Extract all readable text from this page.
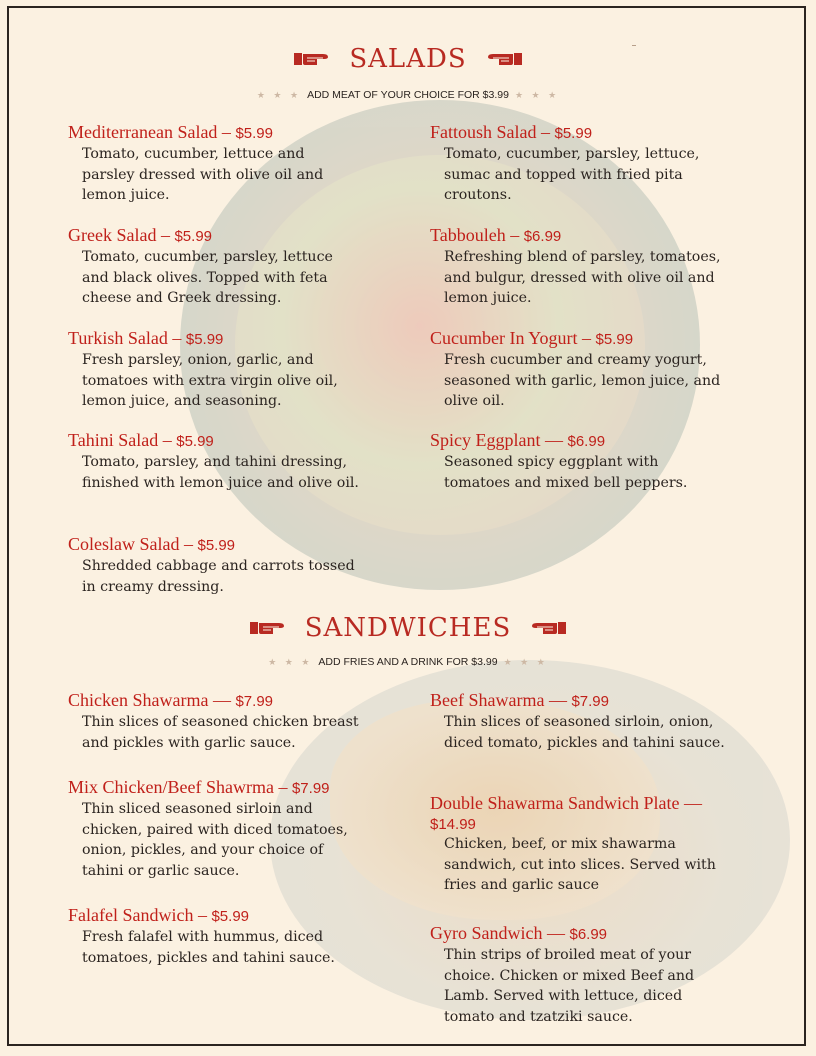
SALADS
★ ★ ★ ADD MEAT OF YOUR CHOICE FOR $3.99 ★ ★ ★
Mediterranean Salad – $5.99
Tomato, cucumber, lettuce and parsley dressed with olive oil and lemon juice.
Fattoush Salad – $5.99
Tomato, cucumber, parsley, lettuce, sumac and topped with fried pita croutons.
Greek Salad – $5.99
Tomato, cucumber, parsley, lettuce and black olives. Topped with feta cheese and Greek dressing.
Tabbouleh – $6.99
Refreshing blend of parsley, tomatoes, and bulgur, dressed with olive oil and lemon juice.
Turkish Salad – $5.99
Fresh parsley, onion, garlic, and tomatoes with extra virgin olive oil, lemon juice, and seasoning.
Cucumber In Yogurt – $5.99
Fresh cucumber and creamy yogurt, seasoned with garlic, lemon juice, and olive oil.
Tahini Salad – $5.99
Tomato, parsley, and tahini dressing, finished with lemon juice and olive oil.
Spicy Eggplant — $6.99
Seasoned spicy eggplant with tomatoes and mixed bell peppers.
Coleslaw Salad – $5.99
Shredded cabbage and carrots tossed in creamy dressing.
SANDWICHES
★ ★ ★ ADD FRIES AND A DRINK FOR $3.99 ★ ★ ★
Chicken Shawarma — $7.99
Thin slices of seasoned chicken breast and pickles with garlic sauce.
Beef Shawarma — $7.99
Thin slices of seasoned sirloin, onion, diced tomato, pickles and tahini sauce.
Mix Chicken/Beef Shawrma – $7.99
Thin sliced seasoned sirloin and chicken, paired with diced tomatoes, onion, pickles, and your choice of tahini or garlic sauce.
Double Shawarma Sandwich Plate — $14.99
Chicken, beef, or mix shawarma sandwich, cut into slices. Served with fries and garlic sauce
Falafel Sandwich – $5.99
Fresh falafel with hummus, diced tomatoes, pickles and tahini sauce.
Gyro Sandwich — $6.99
Thin strips of broiled meat of your choice. Chicken or mixed Beef and Lamb. Served with lettuce, diced tomato and tzatziki sauce.
